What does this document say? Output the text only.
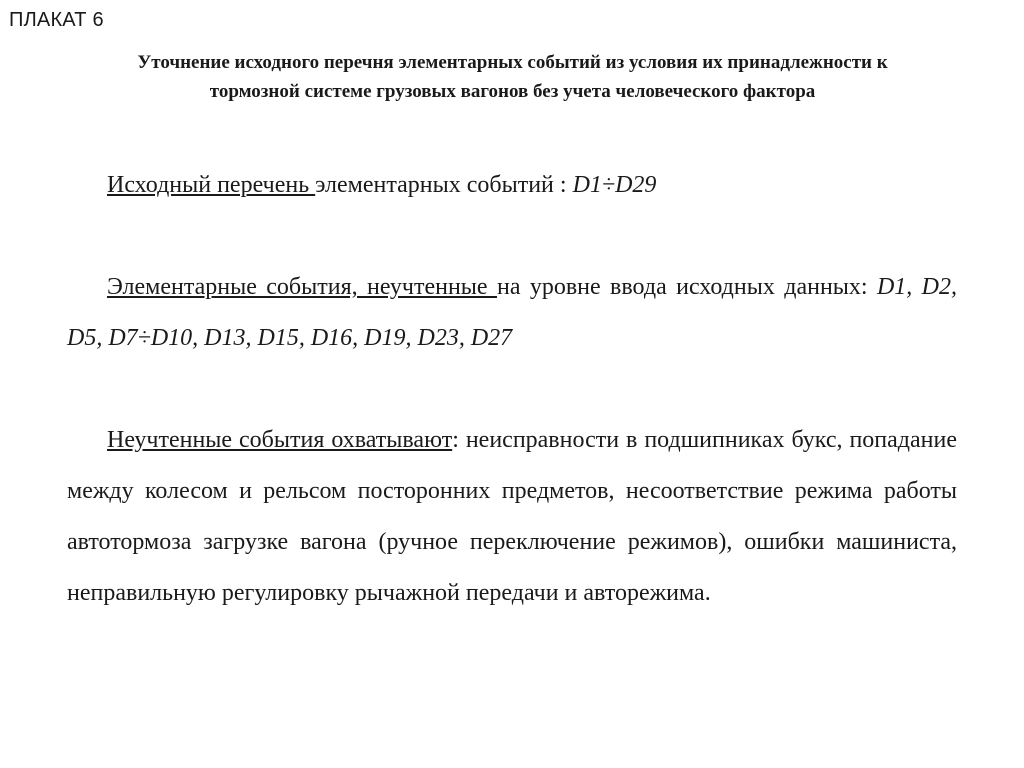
ПЛАКАТ 6
Уточнение исходного перечня элементарных событий из условия их принадлежности к
тормозной системе грузовых вагонов без учета человеческого фактора

Исходный перечень элементарных событий : D1÷D29

Элементарные события, неучтенные на уровне ввода исходных данных: D1, D2, D5, D7÷D10, D13, D15, D16, D19, D23, D27

Неучтенные события охватывают: неисправности в подшипниках букс, попадание между колесом и рельсом посторонних предметов, несоответствие режима работы автотормоза загрузке вагона (ручное переключение режимов), ошибки машиниста, неправильную регулировку рычажной передачи и авторежима.
